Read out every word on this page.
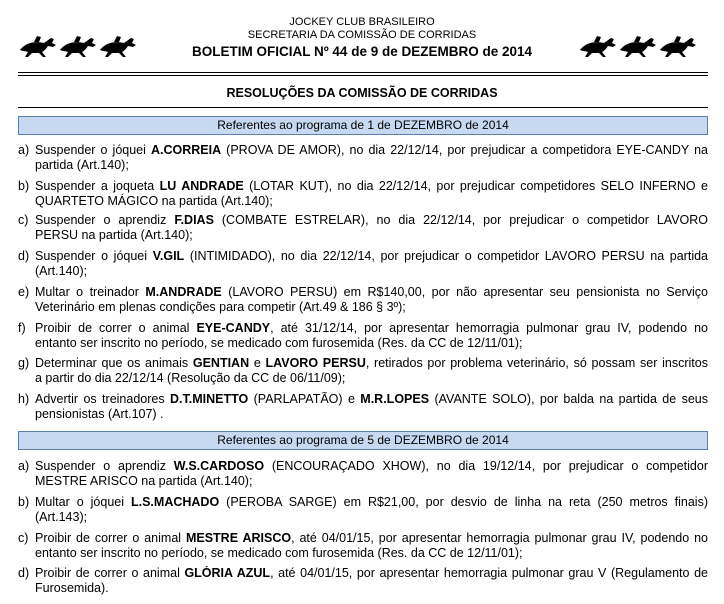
JOCKEY CLUB BRASILEIRO
SECRETARIA DA COMISSÃO DE CORRIDAS
BOLETIM OFICIAL Nº 44 de 9 de DEZEMBRO de 2014
RESOLUÇÕES DA COMISSÃO DE CORRIDAS
Referentes ao programa de 1 de DEZEMBRO de 2014
a) Suspender o jóquei A.CORREIA (PROVA DE AMOR), no dia 22/12/14, por prejudicar a competidora EYE-CANDY na
partida (Art.140);
b) Suspender a joqueta LU ANDRADE (LOTAR KUT), no dia 22/12/14, por prejudicar competidores SELO INFERNO e
QUARTETO MÁGICO na partida (Art.140);
c) Suspender o aprendiz F.DIAS (COMBATE ESTRELAR), no dia 22/12/14, por prejudicar o competidor LAVORO
PERSU na partida (Art.140);
d) Suspender o jóquei V.GIL (INTIMIDADO), no dia 22/12/14, por prejudicar o competidor LAVORO PERSU na partida
(Art.140);
e) Multar o treinador M.ANDRADE (LAVORO PERSU) em R$140,00, por não apresentar seu pensionista no Serviço
Veterinário em plenas condições para competir (Art.49 & 186 § 3º);
f) Proibir de correr o animal EYE-CANDY, até 31/12/14, por apresentar hemorragia pulmonar grau IV, podendo no
entanto ser inscrito no período, se medicado com furosemida (Res. da CC de 12/11/01);
g) Determinar que os animais GENTIAN e LAVORO PERSU, retirados por problema veterinário, só possam ser inscritos
a partir do dia 22/12/14 (Resolução da CC de 06/11/09);
h) Advertir os treinadores D.T.MINETTO (PARLAPATÃO) e M.R.LOPES (AVANTE SOLO), por balda na partida de seus
pensionistas (Art.107) .
Referentes ao programa de 5 de DEZEMBRO de 2014
a) Suspender o aprendiz W.S.CARDOSO (ENCOURAÇADO XHOW), no dia 19/12/14, por prejudicar o competidor
MESTRE ARISCO na partida (Art.140);
b) Multar o jóquei L.S.MACHADO (PEROBA SARGE) em R$21,00, por desvio de linha na reta (250 metros finais)
(Art.143);
c) Proibir de correr o animal MESTRE ARISCO, até 04/01/15, por apresentar hemorragia pulmonar grau IV, podendo no
entanto ser inscrito no período, se medicado com furosemida (Res. da CC de 12/11/01);
d) Proibir de correr o animal GLÓRIA AZUL, até 04/01/15, por apresentar hemorragia pulmonar grau V (Regulamento de
Furosemida).
